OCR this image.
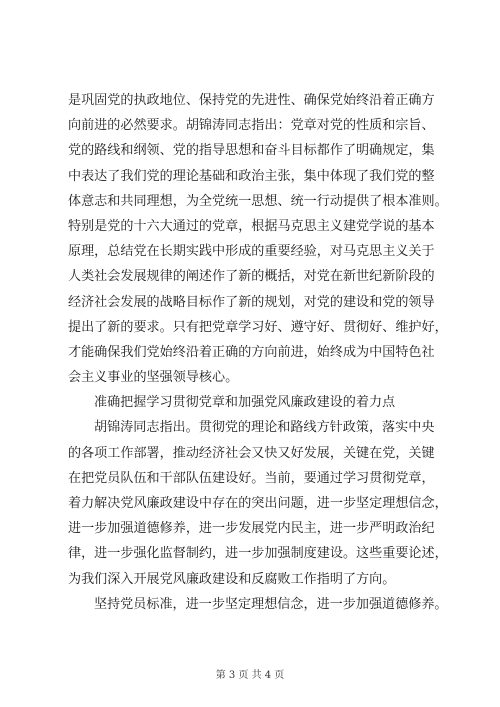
是巩固党的执政地位、保持党的先进性、确保党始终沿着正确方
向前进的必然要求。胡锦涛同志指出：党章对党的性质和宗旨、
党的路线和纲领、党的指导思想和奋斗目标都作了明确规定，集
中表达了我们党的理论基础和政治主张，集中体现了我们党的整
体意志和共同理想，为全党统一思想、统一行动提供了根本准则。
特别是党的十六大通过的党章，根据马克思主义建党学说的基本
原理，总结党在长期实践中形成的重要经验，对马克思主义关于
人类社会发展规律的阐述作了新的概括，对党在新世纪新阶段的
经济社会发展的战略目标作了新的规划，对党的建设和党的领导
提出了新的要求。只有把党章学习好、遵守好、贯彻好、维护好，
才能确保我们党始终沿着正确的方向前进，始终成为中国特色社
会主义事业的坚强领导核心。
准确把握学习贯彻党章和加强党风廉政建设的着力点
胡锦涛同志指出。贯彻党的理论和路线方针政策，落实中央
的各项工作部署，推动经济社会又快又好发展，关键在党，关键
在把党员队伍和干部队伍建设好。当前，要通过学习贯彻党章，
着力解决党风廉政建设中存在的突出问题，进一步坚定理想信念，
进一步加强道德修养，进一步发展党内民主，进一步严明政治纪
律，进一步强化监督制约，进一步加强制度建设。这些重要论述，
为我们深入开展党风廉政建设和反腐败工作指明了方向。
坚持党员标准，进一步坚定理想信念，进一步加强道德修养。
第 3 页 共 4 页
